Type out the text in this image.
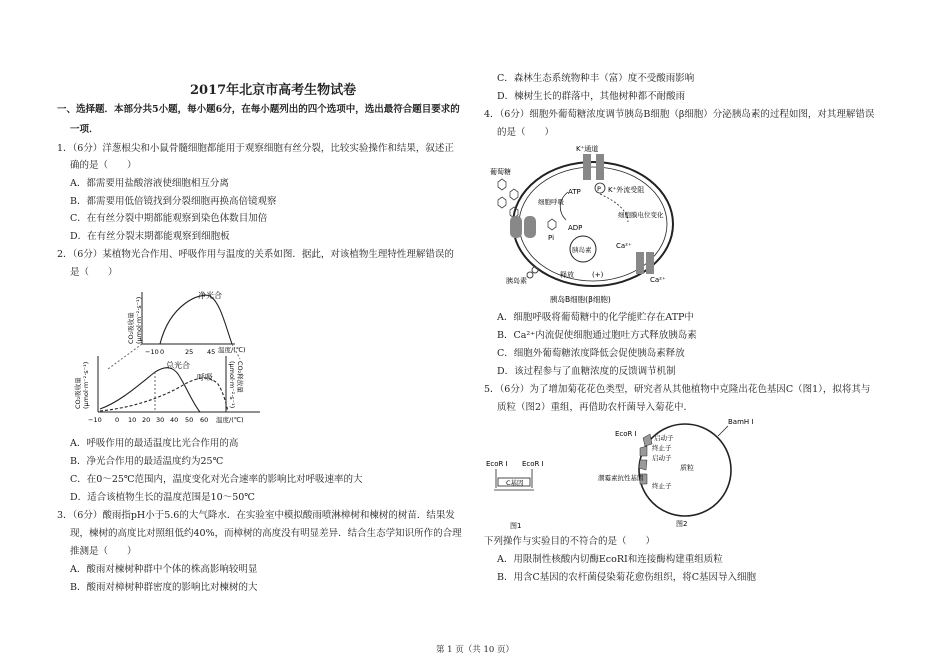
2017年北京市高考生物试卷
一、选择题．本部分共5小题，每小题6分，在每小题列出的四个选项中，选出最符合题目要求的
一项．
1．（6分）洋葱根尖和小鼠骨髓细胞都能用于观察细胞有丝分裂，比较实验操作和结果，叙述正
确的是（　　）
A．都需要用盐酸溶液使细胞相互分离
B．都需要用低倍镜找到分裂细胞再换高倍镜观察
C．在有丝分裂中期都能观察到染色体数目加倍
D．在有丝分裂末期都能观察到细胞板
2．（6分）某植物光合作用、呼吸作用与温度的关系如图．据此，对该植物生理特性理解错误的
是（　　）
净光合
CO₂吸收量(μmol·m⁻²·s⁻¹)
−10 0	25 45 温度/(℃)
总光合
呼吸
CO₂吸收量(μmol·m⁻²·s⁻¹)	CO₂释放量(μmol·m⁻²·s⁻¹)
−10 0 10 20 30 40 50 60 温度/(℃)
A．呼吸作用的最适温度比光合作用的高
B．净光合作用的最适温度约为25℃
C．在0～25℃范围内，温度变化对光合速率的影响比对呼吸速率的大
D．适合该植物生长的温度范围是10～50℃
3．（6分）酸雨指pH小于5.6的大气降水．在实验室中模拟酸雨喷淋樟树和楝树的树苗．结果发
现，楝树的高度比对照组低约40%，而樟树的高度没有明显差异．结合生态学知识所作的合理
推测是（　　）
A．酸雨对楝树种群中个体的株高影响较明显
B．酸雨对樟树种群密度的影响比对楝树的大
C．森林生态系统物种丰（富）度不受酸雨影响
D．楝树生长的群落中，其他树种都不耐酸雨
4．（6分）细胞外葡萄糖浓度调节胰岛B细胞（β细胞）分泌胰岛素的过程如图，对其理解错误
的是（　　）
葡萄糖
K⁺通道
P
ATP	K⁺外流受阻
ADP
Pi
细胞呼吸
细胞膜电位变化
胰岛素	Ca²⁺
Ca²⁺
释放	(+)
胰岛素
胰岛B细胞(β细胞)
A．细胞呼吸将葡萄糖中的化学能贮存在ATP中
B．Ca²⁺内流促使细胞通过胞吐方式释放胰岛素
C．细胞外葡萄糖浓度降低会促使胰岛素释放
D．该过程参与了血糖浓度的反馈调节机制
5．（6分）为了增加菊花花色类型，研究者从其他植物中克隆出花色基因C（图1），拟将其与
质粒（图2）重组，再借助农杆菌导入菊花中．
EcoR Ⅰ EcoR Ⅰ
C基因
图1
EcoR Ⅰ
BamH Ⅰ
启动子
终止子
启动子
质粒
潮霉素抗性基因
终止子
图2
下列操作与实验目的不符合的是（　　）
A．用限制性核酸内切酶EcoRI和连接酶构建重组质粒
B．用含C基因的农杆菌侵染菊花愈伤组织，将C基因导入细胞
第 1 页（共 10 页）
